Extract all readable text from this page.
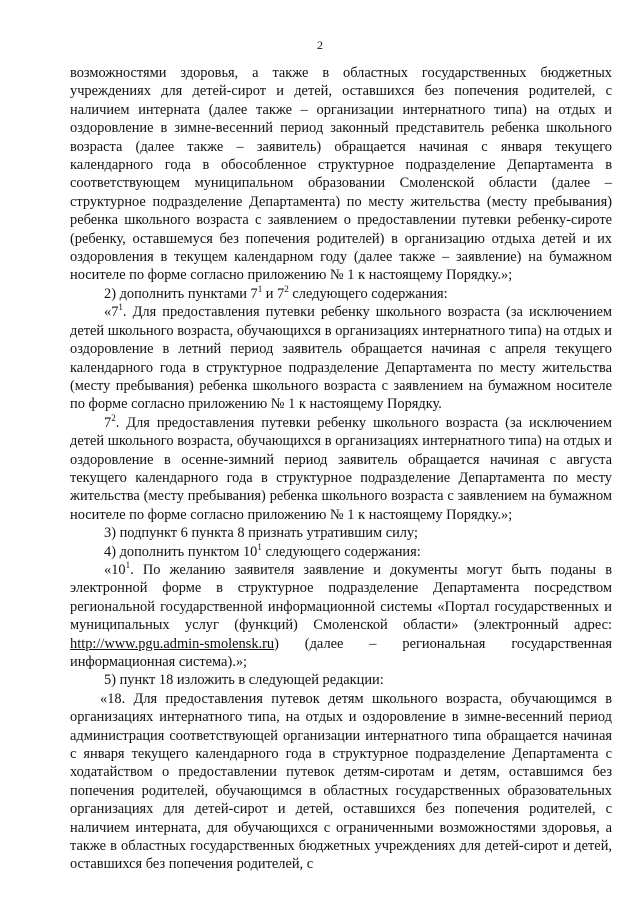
2

возможностями здоровья, а также в областных государственных бюджетных учреждениях для детей-сирот и детей, оставшихся без попечения родителей, с наличием интерната (далее также – организации интернатного типа) на отдых и оздоровление в зимне-весенний период законный представитель ребенка школьного возраста (далее также – заявитель) обращается начиная с января текущего календарного года в обособленное структурное подразделение Департамента в соответствующем муниципальном образовании Смоленской области (далее – структурное подразделение Департамента) по месту жительства (месту пребывания) ребенка школьного возраста с заявлением о предоставлении путевки ребенку-сироте (ребенку, оставшемуся без попечения родителей) в организацию отдыха детей и их оздоровления в текущем календарном году (далее также – заявление) на бумажном носителе по форме согласно приложению № 1 к настоящему Порядку.»;

2) дополнить пунктами $7^1$ и $7^2$ следующего содержания:

«$7^1$. Для предоставления путевки ребенку школьного возраста (за исключением детей школьного возраста, обучающихся в организациях интернатного типа) на отдых и оздоровление в летний период заявитель обращается начиная с апреля текущего календарного года в структурное подразделение Департамента по месту жительства (месту пребывания) ребенка школьного возраста с заявлением на бумажном носителе по форме согласно приложению № 1 к настоящему Порядку.

$7^2$. Для предоставления путевки ребенку школьного возраста (за исключением детей школьного возраста, обучающихся в организациях интернатного типа) на отдых и оздоровление в осенне-зимний период заявитель обращается начиная с августа текущего календарного года в структурное подразделение Департамента по месту жительства (месту пребывания) ребенка школьного возраста с заявлением на бумажном носителе по форме согласно приложению № 1 к настоящему Порядку.»;

3) подпункт 6 пункта 8 признать утратившим силу;

4) дополнить пунктом $10^1$ следующего содержания:

«$10^1$. По желанию заявителя заявление и документы могут быть поданы в электронной форме в структурное подразделение Департамента посредством региональной государственной информационной системы «Портал государственных и муниципальных услуг (функций) Смоленской области» (электронный адрес: http://www.pgu.admin-smolensk.ru) (далее – региональная государственная информационная система).»;

5) пункт 18 изложить в следующей редакции:

«18. Для предоставления путевок детям школьного возраста, обучающимся в организациях интернатного типа, на отдых и оздоровление в зимне-весенний период администрация соответствующей организации интернатного типа обращается начиная с января текущего календарного года в структурное подразделение Департамента с ходатайством о предоставлении путевок детям-сиротам и детям, оставшимся без попечения родителей, обучающимся в областных государственных образовательных организациях для детей-сирот и детей, оставшихся без попечения родителей, с наличием интерната, для обучающихся с ограниченными возможностями здоровья, а также в областных государственных бюджетных учреждениях для детей-сирот и детей, оставшихся без попечения родителей, с
